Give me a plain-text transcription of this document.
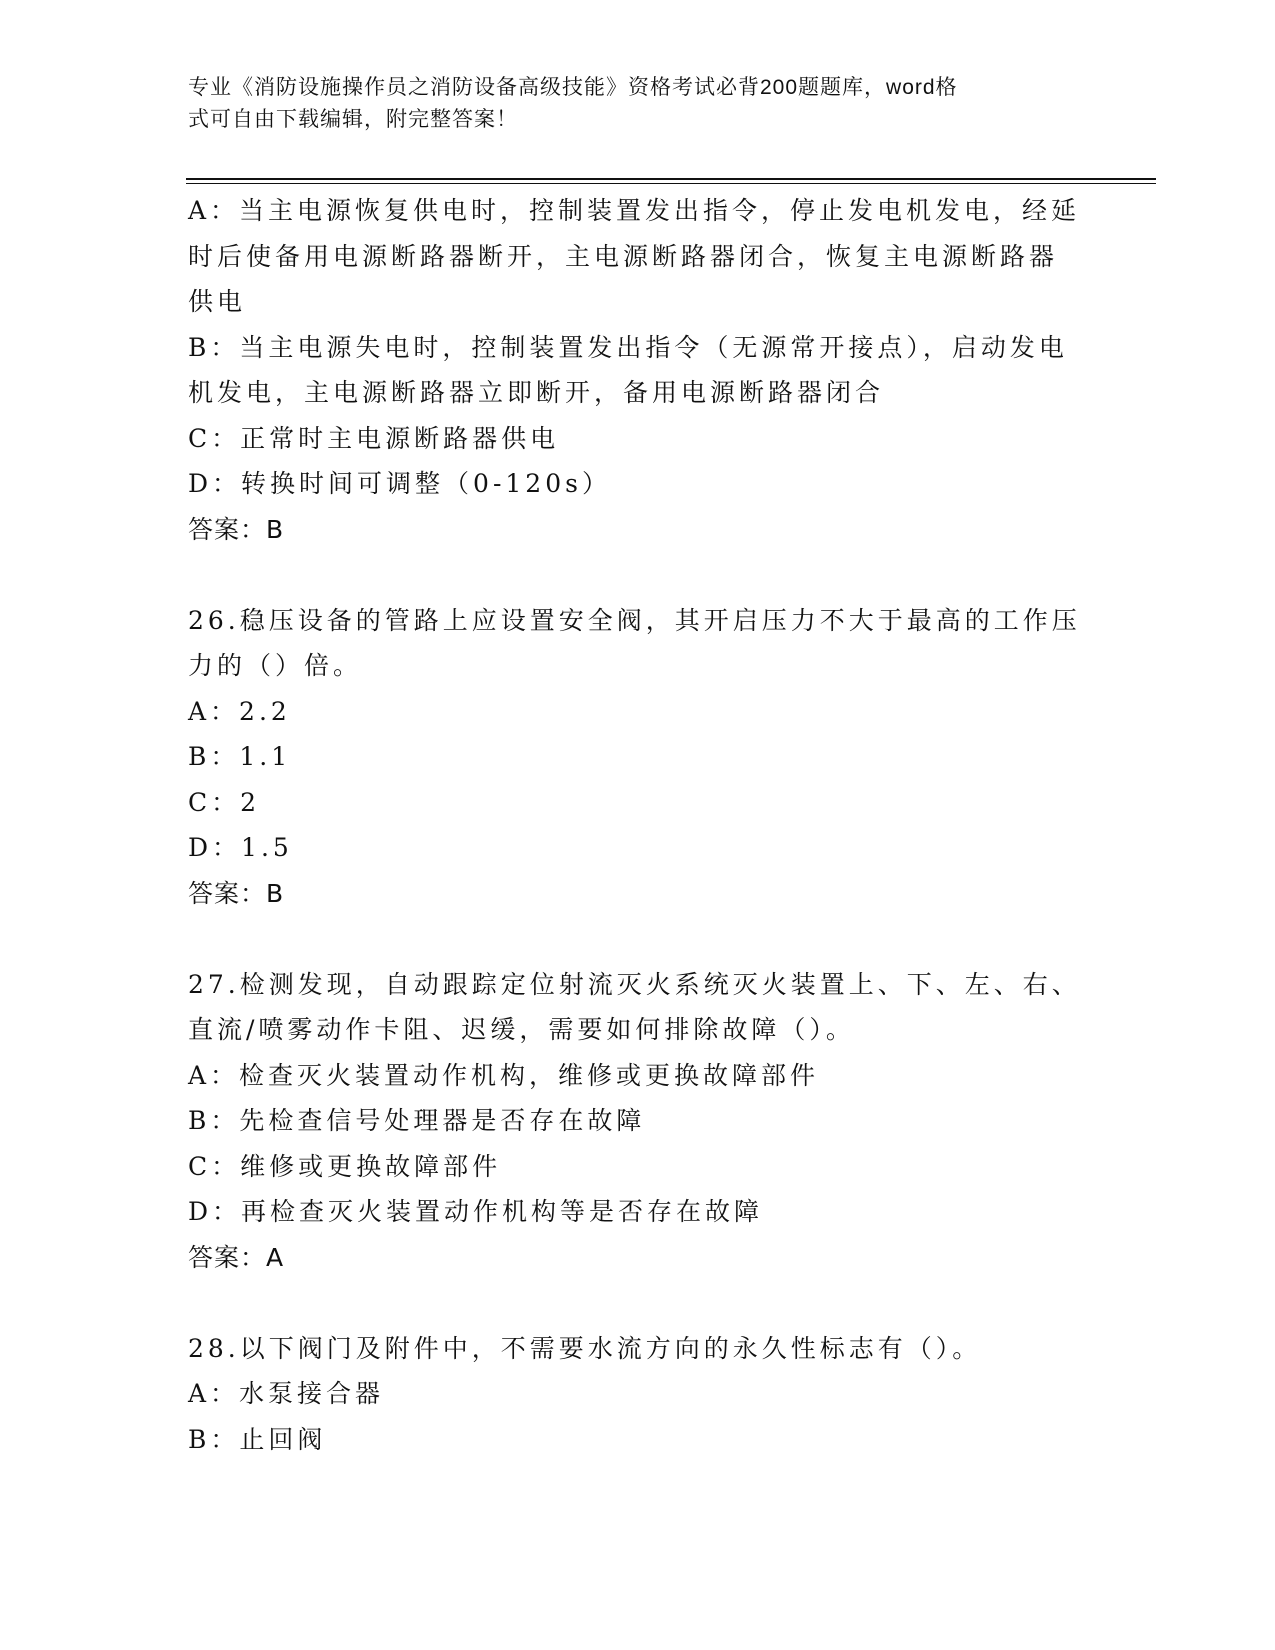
专业《消防设施操作员之消防设备高级技能》资格考试必背200题题库，word格
式可自由下载编辑，附完整答案！
A：当主电源恢复供电时，控制装置发出指令，停止发电机发电，经延
时后使备用电源断路器断开，主电源断路器闭合，恢复主电源断路器
供电
B：当主电源失电时，控制装置发出指令（无源常开接点），启动发电
机发电，主电源断路器立即断开，备用电源断路器闭合
C：正常时主电源断路器供电
D：转换时间可调整（0-120s）
答案：B
26.稳压设备的管路上应设置安全阀，其开启压力不大于最高的工作压
力的（）倍。
A：2.2
B：1.1
C：2
D：1.5
答案：B
27.检测发现，自动跟踪定位射流灭火系统灭火装置上、下、左、右、
直流/喷雾动作卡阻、迟缓，需要如何排除故障（）。
A：检查灭火装置动作机构，维修或更换故障部件
B：先检查信号处理器是否存在故障
C：维修或更换故障部件
D：再检查灭火装置动作机构等是否存在故障
答案：A
28.以下阀门及附件中，不需要水流方向的永久性标志有（）。
A：水泵接合器
B：止回阀
